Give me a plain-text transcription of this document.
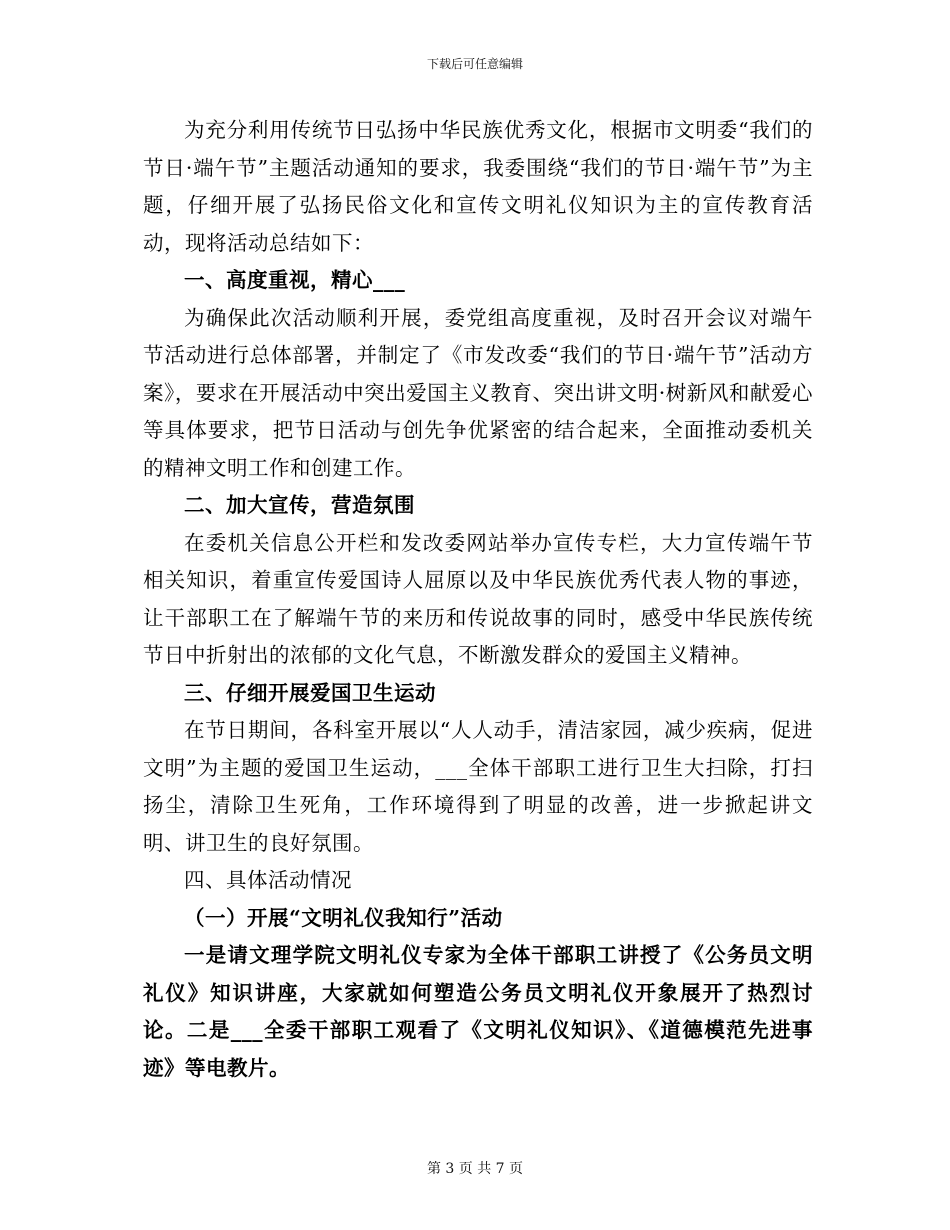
下载后可任意编辑

为充分利用传统节日弘扬中华民族优秀文化，根据市文明委“我们的节日·端午节”主题活动通知的要求，我委围绕“我们的节日·端午节”为主题，仔细开展了弘扬民俗文化和宣传文明礼仪知识为主的宣传教育活动，现将活动总结如下：

一、高度重视，精心___

为确保此次活动顺利开展，委党组高度重视，及时召开会议对端午节活动进行总体部署，并制定了《市发改委“我们的节日·端午节”活动方案》，要求在开展活动中突出爱国主义教育、突出讲文明·树新风和献爱心等具体要求，把节日活动与创先争优紧密的结合起来，全面推动委机关的精神文明工作和创建工作。

二、加大宣传，营造氛围

在委机关信息公开栏和发改委网站举办宣传专栏，大力宣传端午节相关知识，着重宣传爱国诗人屈原以及中华民族优秀代表人物的事迹，让干部职工在了解端午节的来历和传说故事的同时，感受中华民族传统节日中折射出的浓郁的文化气息，不断激发群众的爱国主义精神。

三、仔细开展爱国卫生运动

在节日期间，各科室开展以“人人动手，清洁家园，减少疾病，促进文明”为主题的爱国卫生运动，___全体干部职工进行卫生大扫除，打扫扬尘，清除卫生死角，工作环境得到了明显的改善，进一步掀起讲文明、讲卫生的良好氛围。

四、具体活动情况

（一）开展“文明礼仪我知行”活动

一是请文理学院文明礼仪专家为全体干部职工讲授了《公务员文明礼仪》知识讲座，大家就如何塑造公务员文明礼仪开象展开了热烈讨论。二是___全委干部职工观看了《文明礼仪知识》、《道德模范先进事迹》等电教片。

第 3 页 共 7 页
